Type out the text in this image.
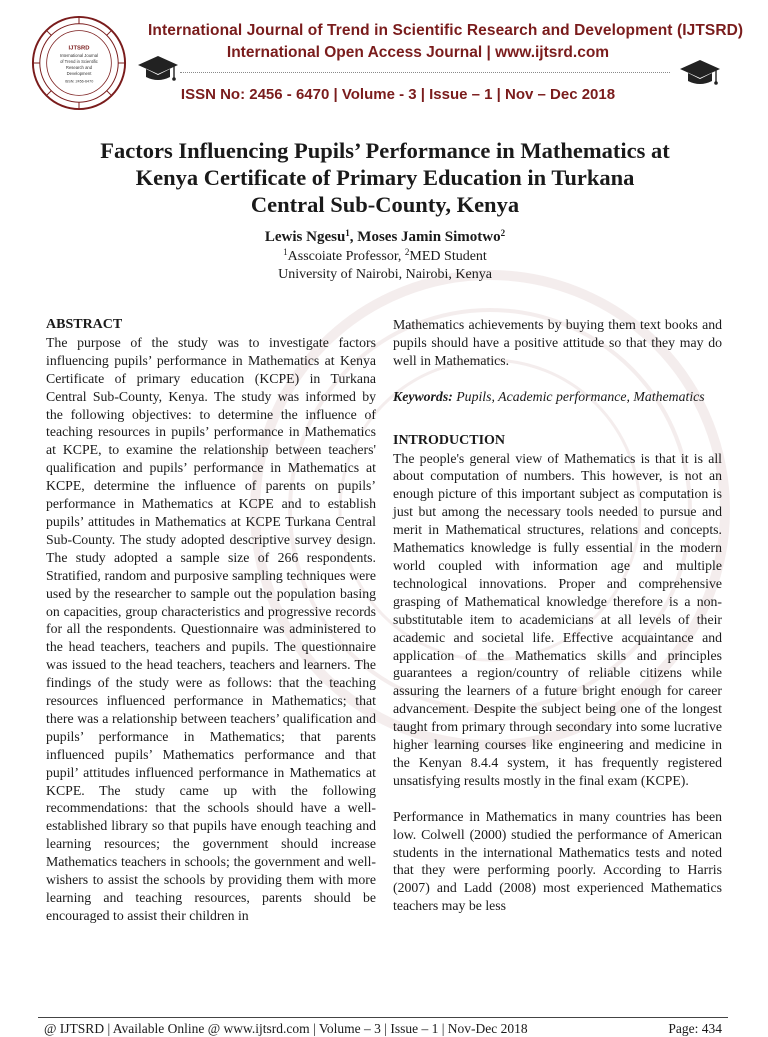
IJTSRD
International Journal
of Trend in Scientific
Research and
Development
ISSN: 2456-6470
International Journal of Trend in Scientific Research and Development (IJTSRD)
International Open Access Journal | www.ijtsrd.com
ISSN No: 2456 - 6470 | Volume - 3 | Issue – 1 | Nov – Dec 2018
Factors Influencing Pupils’ Performance in Mathematics at
Kenya Certificate of Primary Education in Turkana
Central Sub-County, Kenya
Lewis Ngesu$^1$, Moses Jamin Simotwo$^2$
$^1$Asscoiate Professor, $^2$MED Student
University of Nairobi, Nairobi, Kenya

ABSTRACT

The purpose of the study was to investigate factors influencing pupils’ performance in Mathematics at Kenya Certificate of primary education (KCPE) in Turkana Central Sub-County, Kenya. The study was informed by the following objectives: to determine the influence of teaching resources in pupils’ performance in Mathematics at KCPE, to examine the relationship between teachers' qualification and pupils’ performance in Mathematics at KCPE, determine the influence of parents on pupils’ performance in Mathematics at KCPE and to establish pupils’ attitudes in Mathematics at KCPE Turkana Central Sub-County. The study adopted descriptive survey design. The study adopted a sample size of 266 respondents. Stratified, random and purposive sampling techniques were used by the researcher to sample out the population basing on capacities, group characteristics and progressive records for all the respondents. Questionnaire was administered to the head teachers, teachers and pupils. The questionnaire was issued to the head teachers, teachers and learners. The findings of the study were as follows: that the teaching resources influenced performance in Mathematics; that there was a relationship between teachers’ qualification and pupils’ performance in Mathematics; that parents influenced pupils’ Mathematics performance and that pupil’ attitudes influenced performance in Mathematics at KCPE. The study came up with the following recommendations: that the schools should have a well-established library so that pupils have enough teaching and learning resources; the government should increase Mathematics teachers in schools; the government and well-wishers to assist the schools by providing them with more learning and teaching resources, parents should be encouraged to assist their children in

Mathematics achievements by buying them text books and pupils should have a positive attitude so that they may do well in Mathematics.

Keywords: Pupils, Academic performance, Mathematics

INTRODUCTION

The people's general view of Mathematics is that it is all about computation of numbers. This however, is not an enough picture of this important subject as computation is just but among the necessary tools needed to pursue and merit in Mathematical structures, relations and concepts. Mathematics knowledge is fully essential in the modern world coupled with information age and multiple technological innovations. Proper and comprehensive grasping of Mathematical knowledge therefore is a non-substitutable item to academicians at all levels of their academic and societal life. Effective acquaintance and application of the Mathematics skills and principles guarantees a region/country of reliable citizens while assuring the learners of a future bright enough for career advancement. Despite the subject being one of the longest taught from primary through secondary into some lucrative higher learning courses like engineering and medicine in the Kenyan 8.4.4 system, it has frequently registered unsatisfying results mostly in the final exam (KCPE).

Performance in Mathematics in many countries has been low. Colwell (2000) studied the performance of American students in the international Mathematics tests and noted that they were performing poorly. According to Harris (2007) and Ladd (2008) most experienced Mathematics teachers may be less

@ IJTSRD | Available Online @ www.ijtsrd.com | Volume – 3 | Issue – 1 | Nov-Dec 2018	Page: 434
